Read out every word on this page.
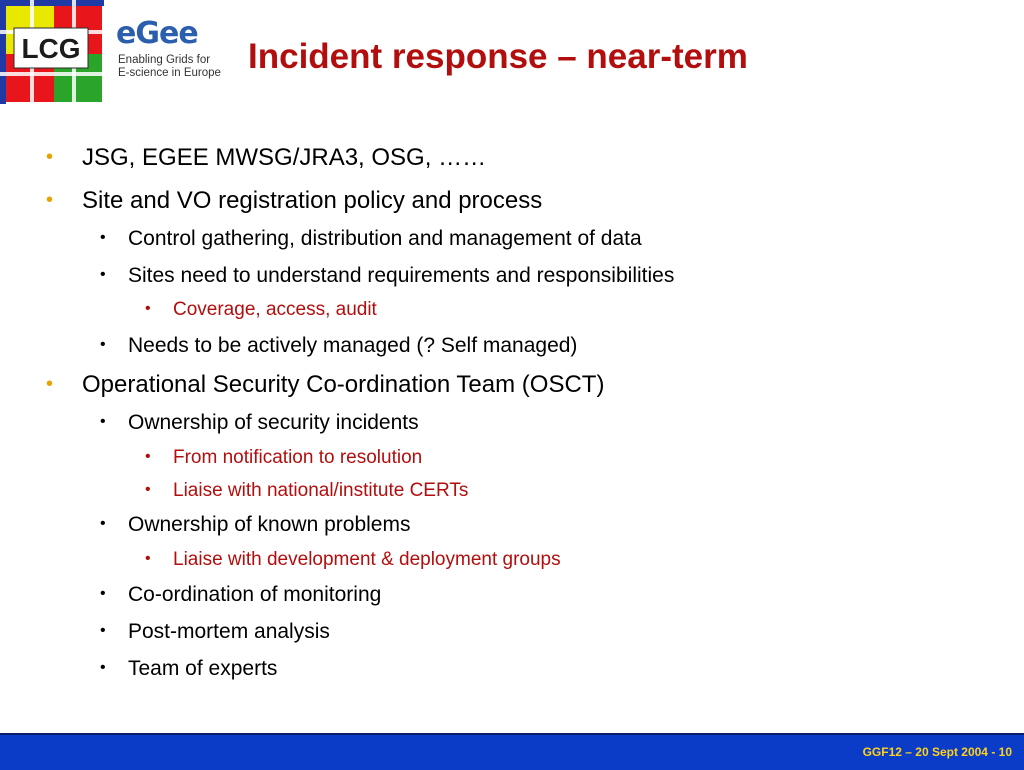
LCG eGee
Enabling Grids for
E-science in Europe Incident response – near-term
• JSG, EGEE MWSG/JRA3, OSG, ……
• Site and VO registration policy and process
• Control gathering, distribution and management of data
• Sites need to understand requirements and responsibilities
• Coverage, access, audit
• Needs to be actively managed (? Self managed)
• Operational Security Co-ordination Team (OSCT)
• Ownership of security incidents
• From notification to resolution
• Liaise with national/institute CERTs
• Ownership of known problems
• Liaise with development & deployment groups
• Co-ordination of monitoring
• Post-mortem analysis
• Team of experts
GGF12 – 20 Sept 2004 - 10
